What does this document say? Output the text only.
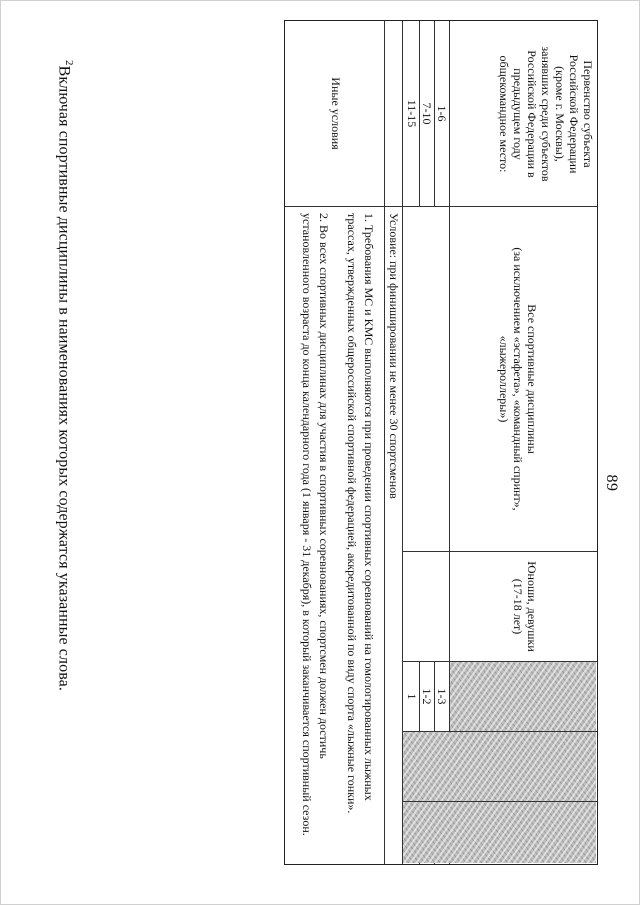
89
Первенство субъекта
Российской Федерации
(кроме г. Москвы),
занявших среди субъектов
Российской Федерации в
предыдущем году
общекомандное место:
1-6
7-10
11-15
Все спортивные дисциплины
(за исключением «эстафета», «командный спринт»,
«лыжероллеры»)
Юноши, девушки
(17-18 лет)
1-3
1-2
1
Условие: при финишировании не менее 30 спортсменов
Иные условия
1. Требования МС и КМС выполняются при проведении спортивных соревнований на гомологированных лыжных
трассах, утвержденных общероссийской спортивной федерацией, аккредитованной по виду спорта «лыжные гонки».
2. Во всех спортивных дисциплинах для участия в спортивных соревнованиях, спортсмен должен достичь
установленного возраста до конца календарного года (1 января - 31 декабря), в который заканчивается спортивный сезон.
$^2$Включая спортивные дисциплины в наименованиях которых содержатся указанные слова.
